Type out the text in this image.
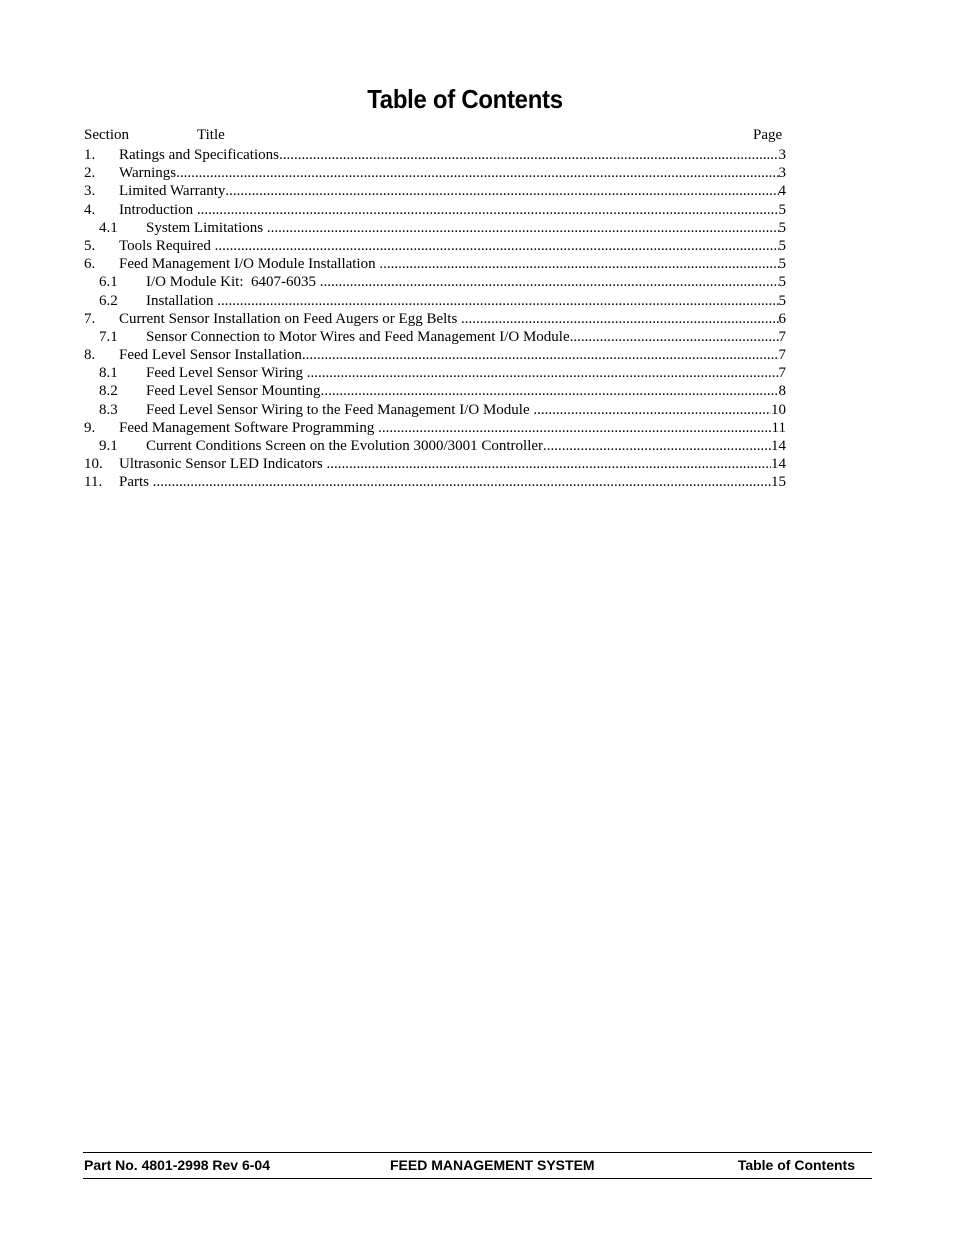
Table of Contents
Section	Title	Page
1. Ratings and Specifications .....	3
2. Warnings .....	3
3. Limited Warranty .....	4
4. Introduction .....	5
4.1 System Limitations .....	5
5. Tools Required .....	5
6. Feed Management I/O Module Installation .....	5
6.1 I/O Module Kit:  6407-6035 .....	5
6.2 Installation .....	5
7. Current Sensor Installation on Feed Augers or Egg Belts .....	6
7.1 Sensor Connection to Motor Wires and Feed Management I/O Module .....	7
8. Feed Level Sensor Installation .....	7
8.1 Feed Level Sensor Wiring .....	7
8.2 Feed Level Sensor Mounting .....	8
8.3 Feed Level Sensor Wiring to the Feed Management I/O Module .....	10
9. Feed Management Software Programming .....	11
9.1 Current Conditions Screen on the Evolution 3000/3001 Controller .....	14
10. Ultrasonic Sensor LED Indicators .....	14
11. Parts .....	15
Part No. 4801-2998 Rev 6-04	FEED MANAGEMENT SYSTEM	Table of Contents
